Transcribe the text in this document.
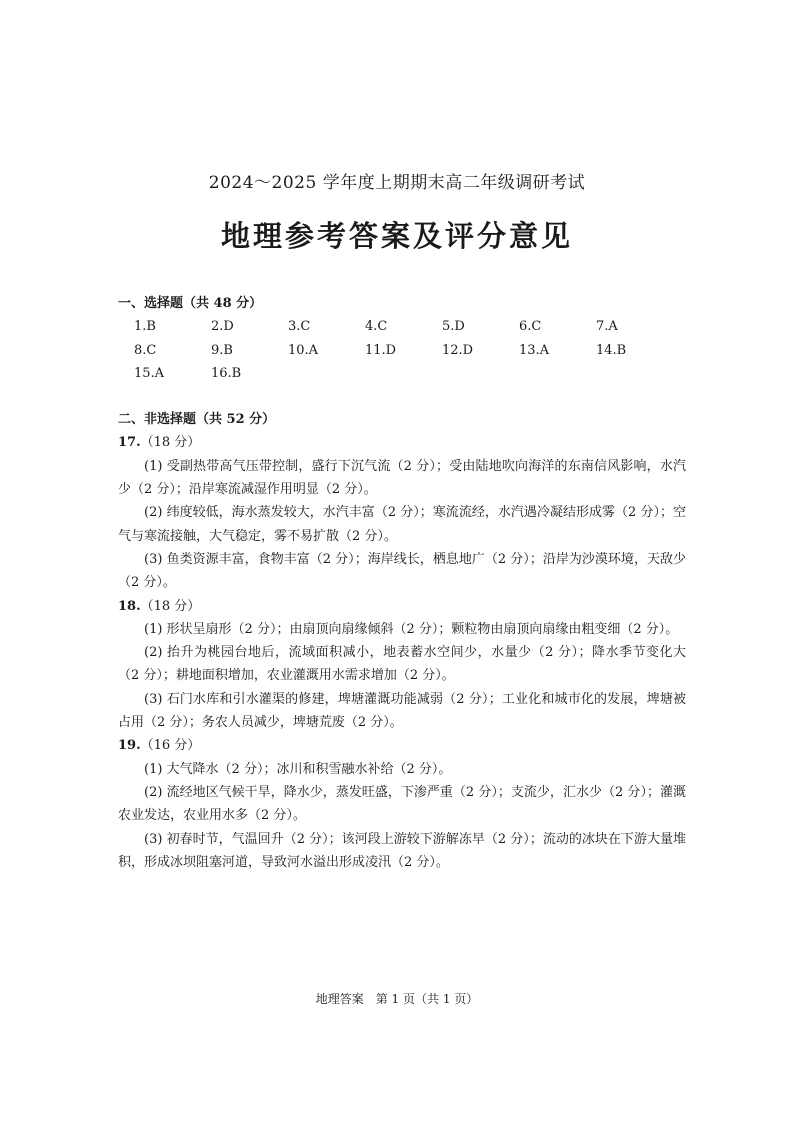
2024～2025 学年度上期期末高二年级调研考试
地理参考答案及评分意见
一、选择题（共 48 分）
1.B	2.D	3.C	4.C	5.D	6.C	7.A
8.C	9.B	10.A	11.D	12.D	13.A	14.B
15.A	16.B
二、非选择题（共 52 分）
17.（18 分）
(1) 受副热带高气压带控制，盛行下沉气流（2 分）；受由陆地吹向海洋的东南信风影响，水汽少（2 分）；沿岸寒流减湿作用明显（2 分）。
(2) 纬度较低，海水蒸发较大，水汽丰富（2 分）；寒流流经，水汽遇冷凝结形成雾（2 分）；空气与寒流接触，大气稳定，雾不易扩散（2 分）。
(3) 鱼类资源丰富，食物丰富（2 分）；海岸线长，栖息地广（2 分）；沿岸为沙漠环境，天敌少（2 分）。
18.（18 分）
(1) 形状呈扇形（2 分）；由扇顶向扇缘倾斜（2 分）；颗粒物由扇顶向扇缘由粗变细（2 分）。
(2) 抬升为桃园台地后，流域面积减小，地表蓄水空间少，水量少（2 分）；降水季节变化大（2 分）；耕地面积增加，农业灌溉用水需求增加（2 分）。
(3) 石门水库和引水灌渠的修建，埤塘灌溉功能减弱（2 分）；工业化和城市化的发展，埤塘被占用（2 分）；务农人员减少，埤塘荒废（2 分）。
19.（16 分）
(1) 大气降水（2 分）；冰川和积雪融水补给（2 分）。
(2) 流经地区气候干旱，降水少，蒸发旺盛，下渗严重（2 分）；支流少，汇水少（2 分）；灌溉农业发达，农业用水多（2 分）。
(3) 初春时节，气温回升（2 分）；该河段上游较下游解冻早（2 分）；流动的冰块在下游大量堆积，形成冰坝阻塞河道，导致河水溢出形成凌汛（2 分）。
地理答案　第 1 页（共 1 页）
